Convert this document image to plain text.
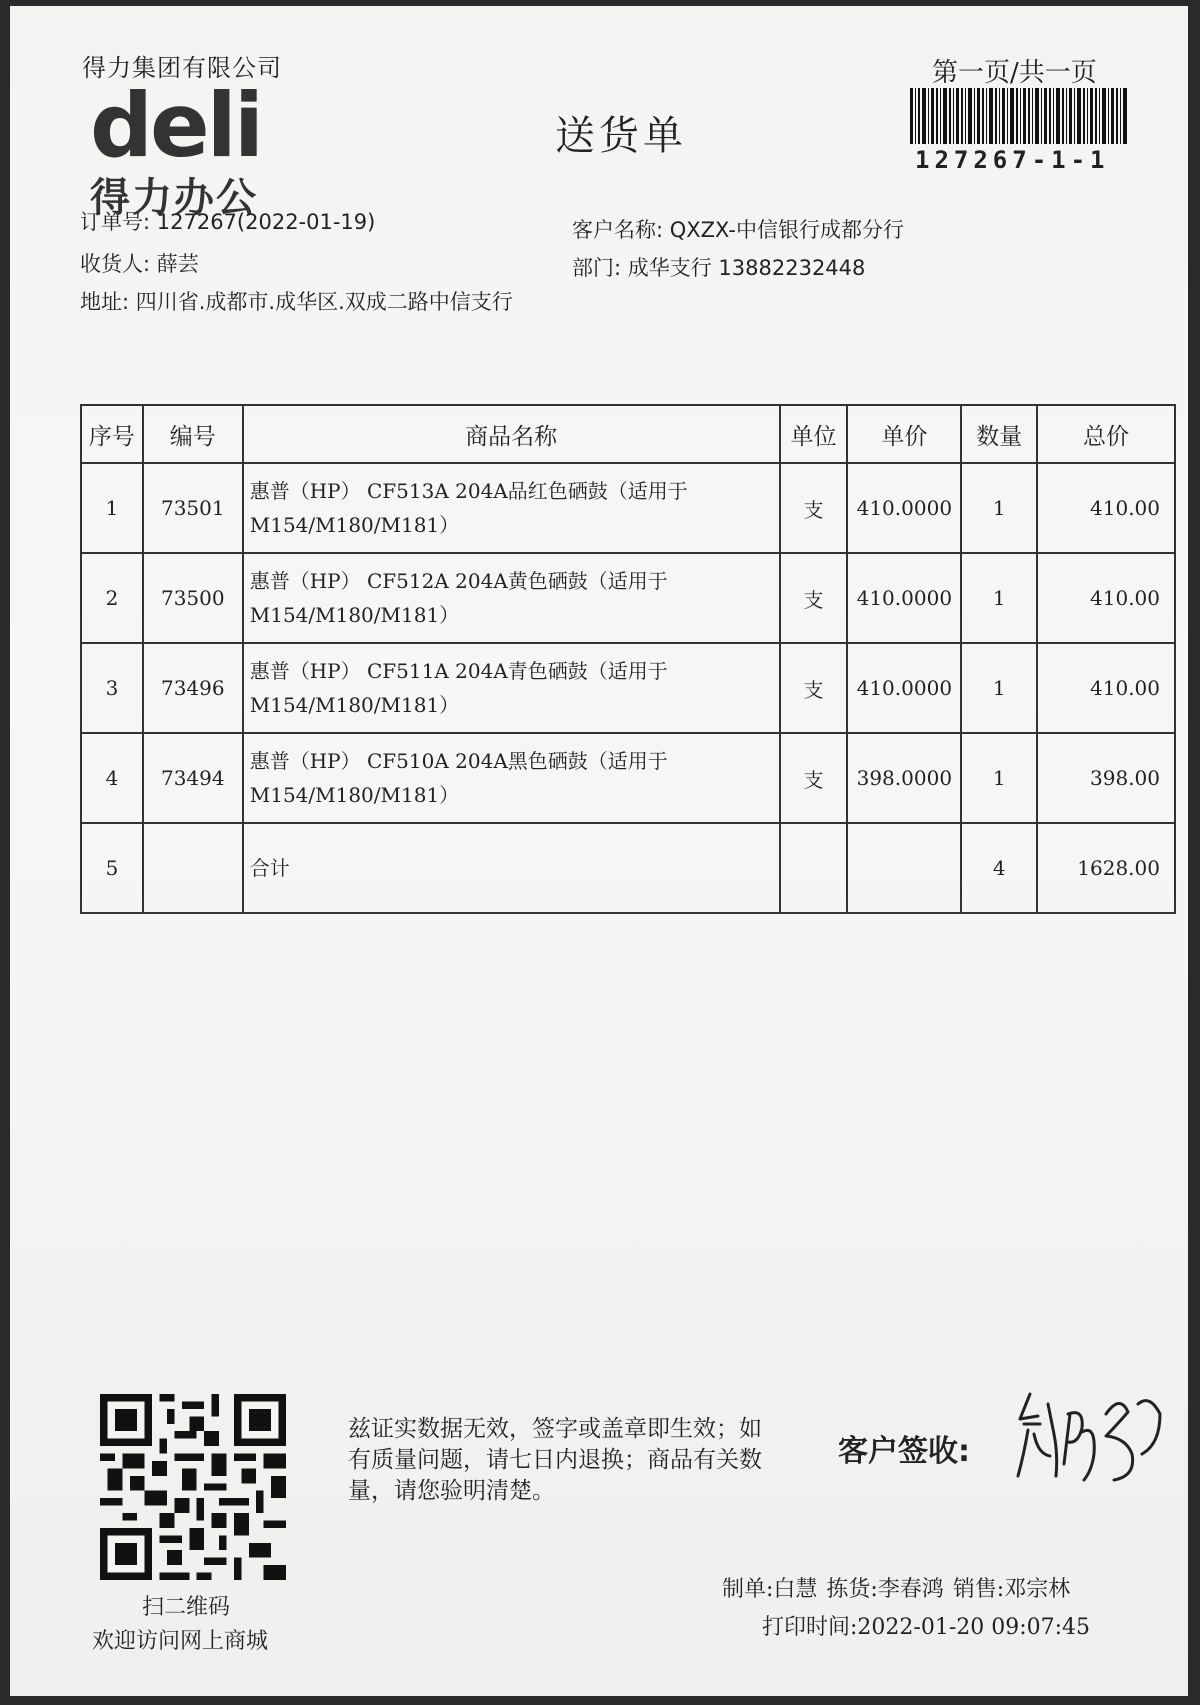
得力集团有限公司
deli
得力办公
送货单
第一页/共一页
127267-1-1
订单号: 127267(2022-01-19)
收货人: 薛芸
地址: 四川省.成都市.成华区.双成二路中信支行
客户名称: QXZX-中信银行成都分行
部门: 成华支行 13882232448
序号	编号	商品名称	单位	单价	数量	总价
1	73501	惠普（HP） CF513A 204A品红色硒鼓（适用于M154/M180/M181）	支	410.0000	1	410.00
2	73500	惠普（HP） CF512A 204A黄色硒鼓（适用于M154/M180/M181）	支	410.0000	1	410.00
3	73496	惠普（HP） CF511A 204A青色硒鼓（适用于M154/M180/M181）	支	410.0000	1	410.00
4	73494	惠普（HP） CF510A 204A黑色硒鼓（适用于M154/M180/M181）	支	398.0000	1	398.00
5		合计			4	1628.00
扫二维码
欢迎访问网上商城
兹证实数据无效，签字或盖章即生效；如有质量问题，请七日内退换；商品有关数量，请您验明清楚。
客户签收:
制单:白慧 拣货:李春鸿 销售:邓宗林
打印时间:2022-01-20 09:07:45
